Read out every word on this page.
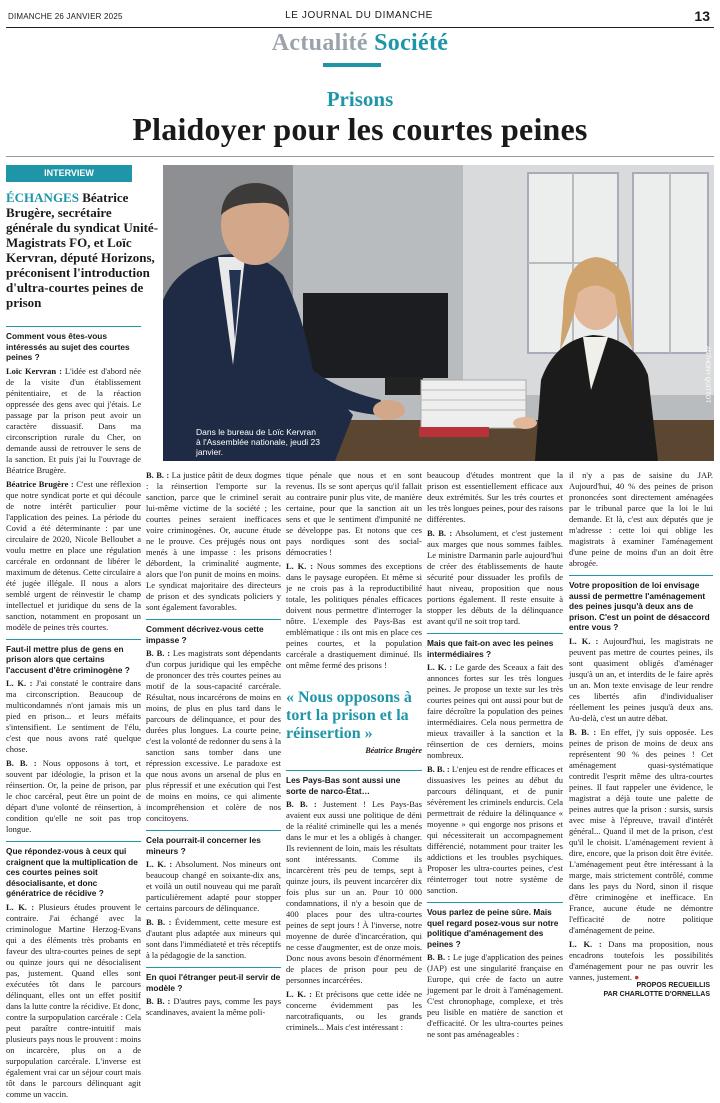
DIMANCHE 26 JANVIER 2025	LE JOURNAL DU DIMANCHE	13
Actualité Société
Prisons
Plaidoyer pour les courtes peines
INTERVIEW
ÉCHANGES Béatrice Brugère, secrétaire générale du syndicat Unité-Magistrats FO, et Loïc Kervran, député Horizons, préconisent l'introduction d'ultra-courtes peines de prison
Dans le bureau de Loïc Kervran à l'Assemblée nationale, jeudi 23 janvier.
ANTHONY QUITTOT
Comment vous êtes-vous intéressés au sujet des courtes peines ?

Loïc Kervran : L'idée est d'abord née de la visite d'un établissement pénitentiaire, et de la réaction oppressée des gens avec qui j'étais. Le passage par la prison peut avoir un caractère dissuasif. Dans ma circonscription rurale du Cher, on demande aussi de retrouver le sens de la sanction. Et puis j'ai lu l'ouvrage de Béatrice Brugère.

Béatrice Brugère : C'est une réflexion que notre syndicat porte et qui découle de notre intérêt particulier pour l'application des peines. La période du Covid a été déterminante : par une circulaire de 2020, Nicole Belloubet a voulu mettre en place une régulation carcérale en ordonnant de libérer le maximum de détenus. Cette circulaire a été jugée illégale. Il nous a alors semblé urgent de réinvestir le champ intellectuel et juridique du sens de la sanction, notamment en proposant un modèle de peines très courtes.

Faut-il mettre plus de gens en prison alors que certains l'accusent d'être criminogène ?

L. K. : J'ai constaté le contraire dans ma circonscription. Beaucoup de multicondamnés n'ont jamais mis un pied en prison... et leurs méfaits s'intensifient. Le sentiment de l'élu, c'est que nous avons raté quelque chose.

B. B. : Nous opposons à tort, et souvent par idéologie, la prison et la réinsertion. Or, la peine de prison, par le choc carcéral, peut être un point de départ d'une volonté de réinsertion, à condition qu'elle ne soit pas trop longue.

Que répondez-vous à ceux qui craignent que la multiplication de ces courtes peines soit désocialisante, et donc génératrice de récidive ?

L. K. : Plusieurs études prouvent le contraire. J'ai échangé avec la criminologue Martine Herzog-Evans qui a des éléments très probants en faveur des ultra-courtes peines de sept ou quinze jours qui ne désocialisent pas, justement. Quand elles sont exécutées tôt dans le parcours délinquant, elles ont un effet positif dans la lutte contre la récidive. Et donc, contre la surpopulation carcérale : Cela peut paraître contre-intuitif mais plusieurs pays nous le prouvent : moins on incarcère, plus on a de surpopulation carcérale. L'inverse est également vrai car un séjour court mais tôt dans le parcours délinquant agit comme un vaccin.

B. B. : La justice pâtit de deux dogmes : la réinsertion l'emporte sur la sanction, parce que le criminel serait lui-même victime de la société ; les courtes peines seraient inefficaces voire criminogènes. Or, aucune étude ne le prouve. Ces préjugés nous ont menés à une impasse : les prisons débordent, la criminalité augmente, alors que l'on punit de moins en moins. Le syndicat majoritaire des directeurs de prison et des syndicats policiers y sont également favorables.

Comment décrivez-vous cette impasse ?

B. B. : Les magistrats sont dépendants d'un corpus juridique qui les empêche de prononcer des très courtes peines au motif de la sous-capacité carcérale. Résultat, nous incarcérons de moins en moins, de plus en plus tard dans le parcours de délinquance, et pour des durées plus longues. La courte peine, c'est la volonté de redonner du sens à la sanction sans tomber dans une répression excessive. Le paradoxe est que nous avons un arsenal de plus en plus répressif et une exécution qui l'est de moins en moins, ce qui alimente incompréhension et colère de nos concitoyens.

Cela pourrait-il concerner les mineurs ?

L. K. : Absolument. Nos mineurs ont beaucoup changé en soixante-dix ans, et voilà un outil nouveau qui me paraît particulièrement adapté pour stopper certains parcours de délinquance.

B. B. : Évidemment, cette mesure est d'autant plus adaptée aux mineurs qui sont dans l'immédiateté et très réceptifs à la pédagogie de la sanction.

En quoi l'étranger peut-il servir de modèle ?

B. B. : D'autres pays, comme les pays scandinaves, avaient la même poli-

tique pénale que nous et en sont revenus. Ils se sont aperçus qu'il fallait au contraire punir plus vite, de manière certaine, pour que la sanction ait un sens et que le sentiment d'impunité ne se développe pas. Et notons que ces pays nordiques sont des social-démocraties !

L. K. : Nous sommes des exceptions dans le paysage européen. Et même si je ne crois pas à la reproductibilité totale, les politiques pénales efficaces doivent nous permettre d'interroger la nôtre. L'exemple des Pays-Bas est emblématique : ils ont mis en place ces peines courtes, et la population carcérale a drastiquement diminué. Ils ont même fermé des prisons !

« Nous opposons à tort la prison et la réinsertion »
Béatrice Brugère
Les Pays-Bas sont aussi une sorte de narco-État…

B. B. : Justement ! Les Pays-Bas avaient eux aussi une politique de déni de la réalité criminelle qui les a menés dans le mur et les a obligés à changer. Ils reviennent de loin, mais les résultats sont intéressants. Comme ils incarcèrent très peu de temps, sept à quinze jours, ils peuvent incarcérer dix fois plus sur un an. Pour 10 000 condamnations, il n'y a besoin que de 400 places pour des ultra-courtes peines de sept jours ! À l'inverse, notre moyenne de durée d'incarcération, qui ne cesse d'augmenter, est de onze mois. Donc nous avons besoin d'énormément de places de prison pour peu de personnes incarcérées.

L. K. : Et précisons que cette idée ne concerne évidemment pas les narcotrafiquants, ou les grands criminels... Mais c'est intéressant :

beaucoup d'études montrent que la prison est essentiellement efficace aux deux extrémités. Sur les très courtes et les très longues peines, pour des raisons différentes.

B. B. : Absolument, et c'est justement aux marges que nous sommes faibles. Le ministre Darmanin parle aujourd'hui de créer des établissements de haute sécurité pour dissuader les profils de haut niveau, proposition que nous portions également. Il reste ensuite à stopper les débuts de la délinquance avant qu'il ne soit trop tard.

Mais que fait-on avec les peines intermédiaires ?

L. K. : Le garde des Sceaux a fait des annonces fortes sur les très longues peines. Je propose un texte sur les très courtes peines qui ont aussi pour but de faire décroître la population des peines intermédiaires. Cela nous permettra de mieux travailler à la sanction et la réinsertion de ces derniers, moins nombreux.

B. B. : L'enjeu est de rendre efficaces et dissuasives les peines au début du parcours délinquant, et de punir sévèrement les criminels endurcis. Cela permettrait de réduire la délinquance « moyenne » qui engorge nos prisons et qui nécessiterait un accompagnement différencié, notamment pour traiter les addictions et les troubles psychiques. Proposer les ultra-courtes peines, c'est réinterroger tout notre système de sanction.

Vous parlez de peine sûre. Mais quel regard posez-vous sur notre politique d'aménagement des peines ?

B. B. : Le juge d'application des peines (JAP) est une singularité française en Europe, qui crée de facto un autre jugement par le droit à l'aménagement. C'est chronophage, complexe, et très peu lisible en matière de sanction et d'efficacité. Or les ultra-courtes peines ne sont pas aménageables :

il n'y a pas de saisine du JAP. Aujourd'hui, 40 % des peines de prison prononcées sont directement aménagées par le tribunal parce que la loi le lui demande. Et là, c'est aux députés que je m'adresse : cette loi qui oblige les magistrats à examiner l'aménagement d'une peine de moins d'un an doit être abrogée.

Votre proposition de loi envisage aussi de permettre l'aménagement des peines jusqu'à deux ans de prison. C'est un point de désaccord entre vous ?

L. K. : Aujourd'hui, les magistrats ne peuvent pas mettre de courtes peines, ils sont quasiment obligés d'aménager jusqu'à un an, et interdits de le faire après un an. Mon texte envisage de leur rendre ces libertés afin d'individualiser réellement les peines jusqu'à deux ans. Au-delà, c'est un autre débat.

B. B. : En effet, j'y suis opposée. Les peines de prison de moins de deux ans représentent 90 % des peines ! Cet aménagement quasi-systématique contredit l'esprit même des ultra-courtes peines. Il faut rappeler une évidence, le magistrat a déjà toute une palette de peines autres que la prison : sursis, sursis avec mise à l'épreuve, travail d'intérêt général... Quand il met de la prison, c'est qu'il le choisit. L'aménagement revient à dire, encore, que la prison doit être évitée. L'aménagement peut être intéressant à la marge, mais strictement contrôlé, comme dans les pays du Nord, sinon il risque d'être criminogène et inefficace. En France, aucune étude ne démontre l'efficacité de notre politique d'aménagement de peine.

L. K. : Dans ma proposition, nous encadrons toutefois les possibilités d'aménagement pour ne pas ouvrir les vannes, justement. ●

PROPOS RECUEILLIS
PAR CHARLOTTE D'ORNELLAS
